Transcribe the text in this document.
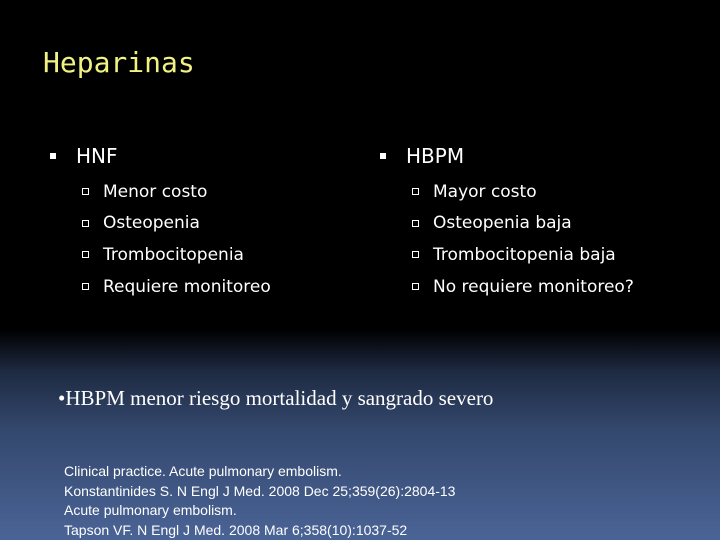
Heparinas
HNF
Menor costo
Osteopenia
Trombocitopenia
Requiere monitoreo
HBPM
Mayor costo
Osteopenia baja
Trombocitopenia baja
No requiere monitoreo?
•HBPM menor riesgo mortalidad y sangrado severo
Clinical practice. Acute pulmonary embolism.
Konstantinides S. N Engl J Med. 2008 Dec 25;359(26):2804-13
Acute pulmonary embolism.
Tapson VF. N Engl J Med. 2008 Mar 6;358(10):1037-52
